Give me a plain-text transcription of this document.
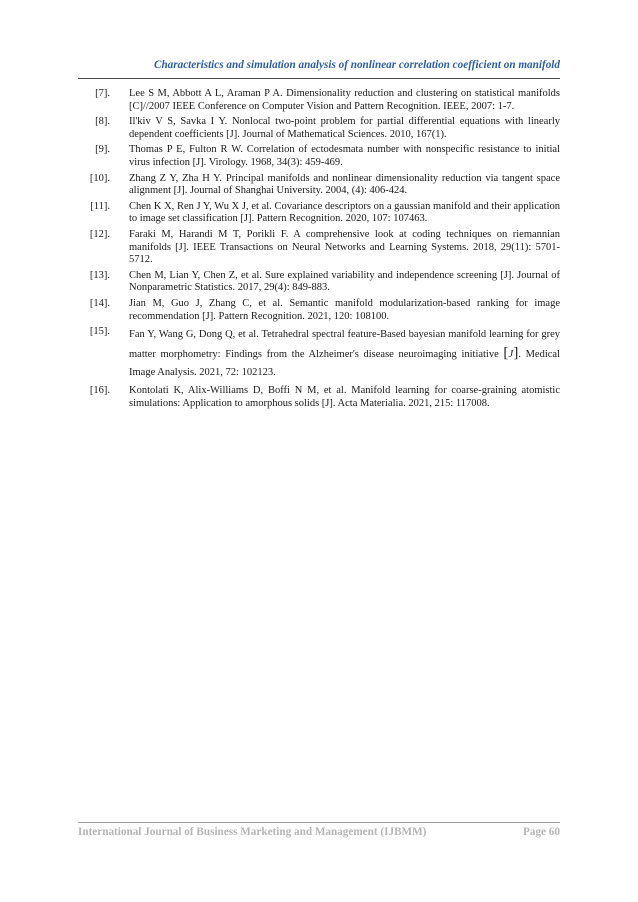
Characteristics and simulation analysis of nonlinear correlation coefficient on manifold
[7].	Lee S M, Abbott A L, Araman P A. Dimensionality reduction and clustering on statistical manifolds [C]//2007 IEEE Conference on Computer Vision and Pattern Recognition. IEEE, 2007: 1-7.
[8].	Il'kiv V S, Savka I Y. Nonlocal two-point problem for partial differential equations with linearly dependent coefficients [J]. Journal of Mathematical Sciences. 2010, 167(1).
[9].	Thomas P E, Fulton R W. Correlation of ectodesmata number with nonspecific resistance to initial virus infection [J]. Virology. 1968, 34(3): 459-469.
[10].	Zhang Z Y, Zha H Y. Principal manifolds and nonlinear dimensionality reduction via tangent space alignment [J]. Journal of Shanghai University. 2004, (4): 406-424.
[11].	Chen K X, Ren J Y, Wu X J, et al. Covariance descriptors on a gaussian manifold and their application to image set classification [J]. Pattern Recognition. 2020, 107: 107463.
[12].	Faraki M, Harandi M T, Porikli F. A comprehensive look at coding techniques on riemannian manifolds [J]. IEEE Transactions on Neural Networks and Learning Systems. 2018, 29(11): 5701-5712.
[13].	Chen M, Lian Y, Chen Z, et al. Sure explained variability and independence screening [J]. Journal of Nonparametric Statistics. 2017, 29(4): 849-883.
[14].	Jian M, Guo J, Zhang C, et al. Semantic manifold modularization-based ranking for image recommendation [J]. Pattern Recognition. 2021, 120: 108100.
[15].	Fan Y, Wang G, Dong Q, et al. Tetrahedral spectral feature-Based bayesian manifold learning for grey matter morphometry: Findings from the Alzheimer's disease neuroimaging initiative [J]. Medical Image Analysis. 2021, 72: 102123.
[16].	Kontolati K, Alix-Williams D, Boffi N M, et al. Manifold learning for coarse-graining atomistic simulations: Application to amorphous solids [J]. Acta Materialia. 2021, 215: 117008.
International Journal of Business Marketing and Management (IJBMM)	Page 60
